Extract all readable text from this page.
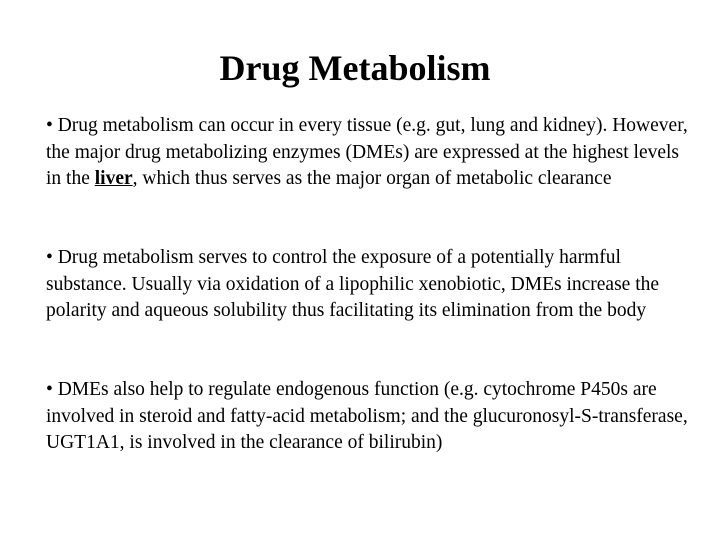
Drug Metabolism

• Drug metabolism can occur in every tissue (e.g. gut, lung and kidney). However, the major drug metabolizing enzymes (DMEs) are expressed at the highest levels in the liver, which thus serves as the major organ of metabolic clearance

• Drug metabolism serves to control the exposure of a potentially harmful substance. Usually via oxidation of a lipophilic xenobiotic, DMEs increase the polarity and aqueous solubility thus facilitating its elimination from the body

• DMEs also help to regulate endogenous function (e.g. cytochrome P450s are involved in steroid and fatty-acid metabolism; and the glucuronosyl-S-transferase, UGT1A1, is involved in the clearance of bilirubin)
